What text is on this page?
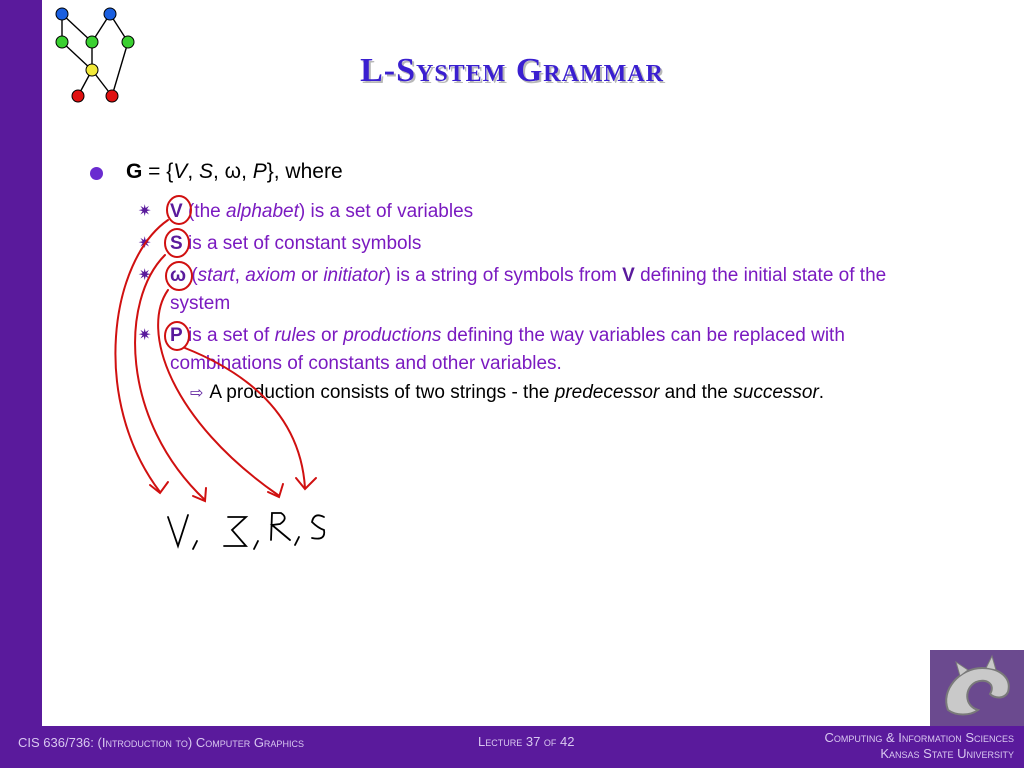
L-System Grammar
G = {V, S, ω, P}, where
✷ V (the alphabet) is a set of variables
✷ S is a set of constant symbols
✷ ω (start, axiom or initiator) is a string of symbols from V defining the initial state of the system
✷ P is a set of rules or productions defining the way variables can be replaced with combinations of constants and other variables.
⇨ A production consists of two strings - the predecessor and the successor.
CIS 636/736: (Introduction to) Computer Graphics	Lecture 37 of 42	Computing & Information Sciences
Kansas State University
